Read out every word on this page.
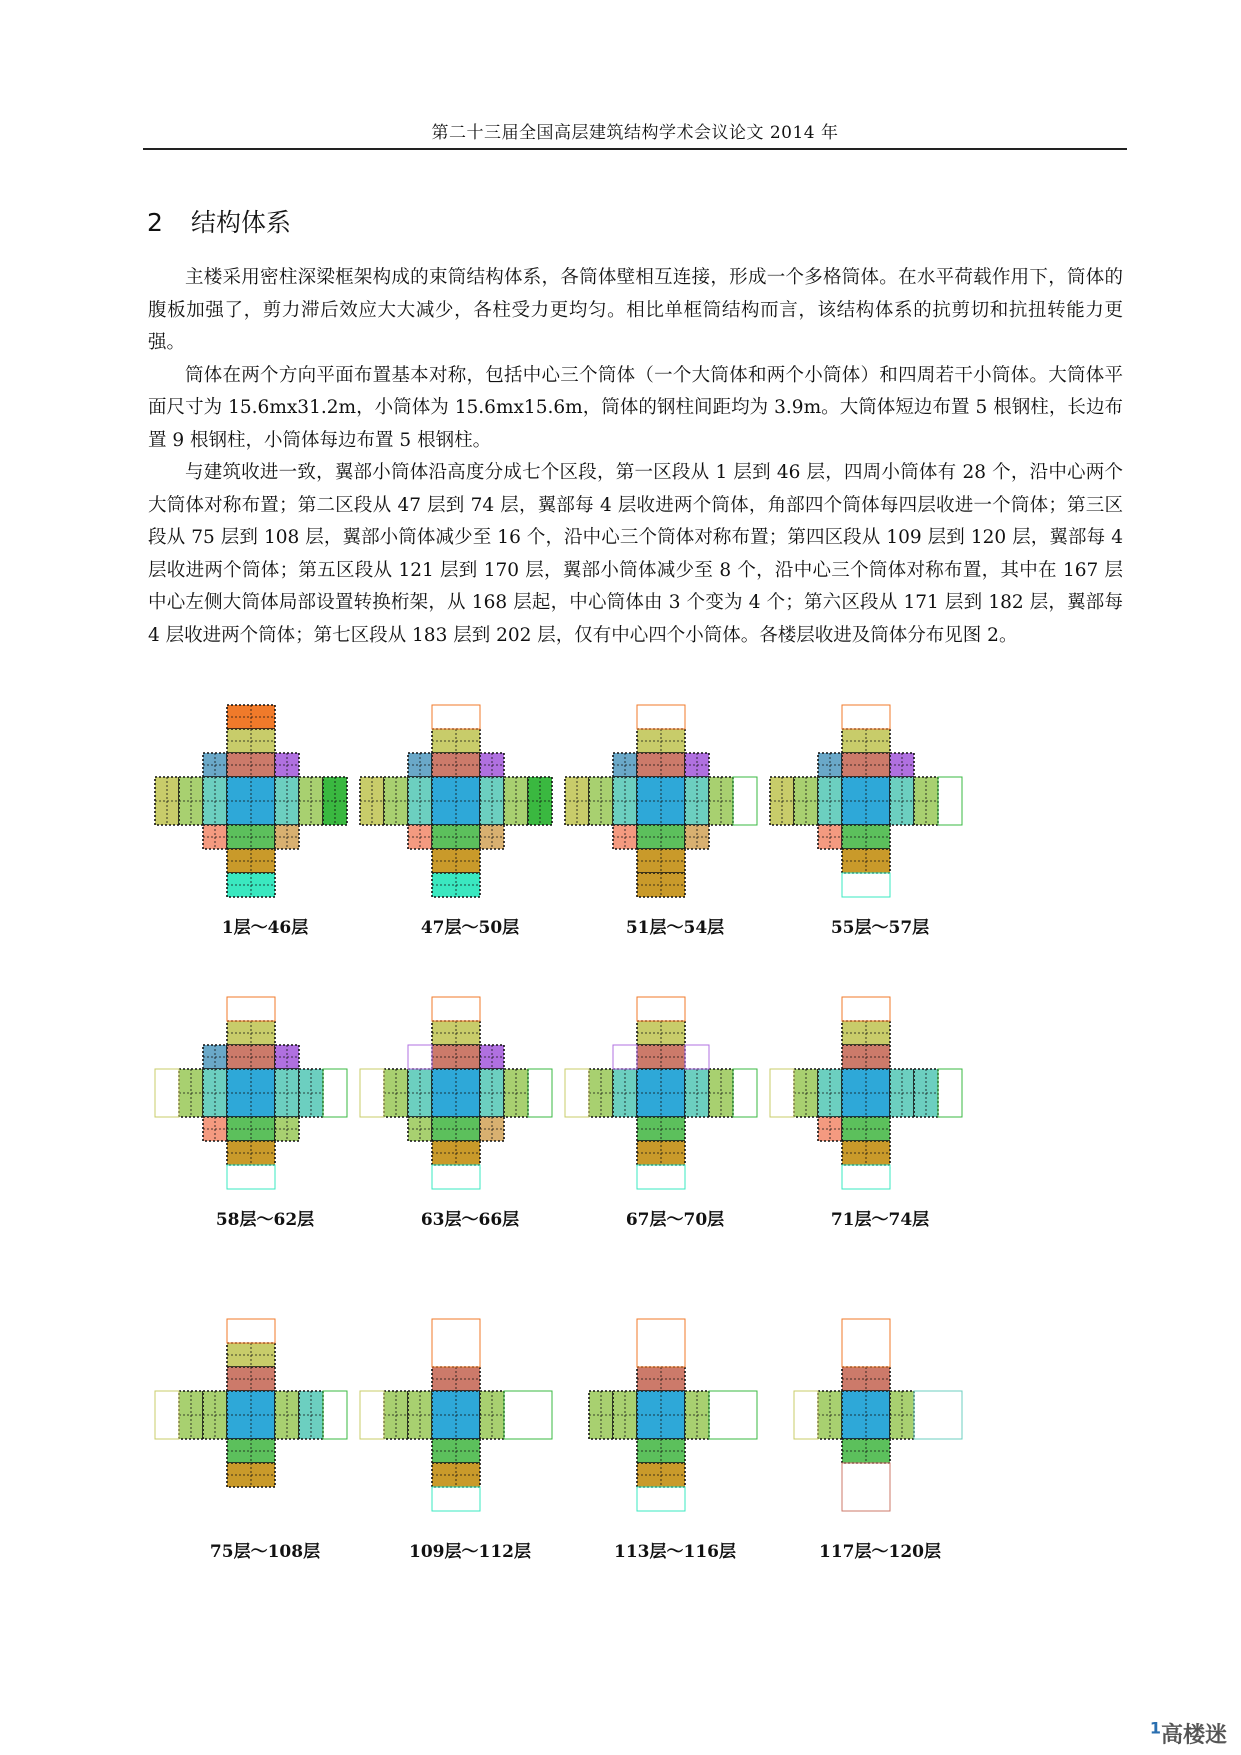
第二十三届全国高层建筑结构学术会议论文 2014 年
2 结构体系

主楼采用密柱深梁框架构成的束筒结构体系，各筒体壁相互连接，形成一个多格筒体。在水平荷载作用下，筒体的腹板加强了，剪力滞后效应大大减少，各柱受力更均匀。相比单框筒结构而言，该结构体系的抗剪切和抗扭转能力更强。

筒体在两个方向平面布置基本对称，包括中心三个筒体（一个大筒体和两个小筒体）和四周若干小筒体。大筒体平面尺寸为 15.6mx31.2m，小筒体为 15.6mx15.6m，筒体的钢柱间距均为 3.9m。大筒体短边布置 5 根钢柱，长边布置 9 根钢柱，小筒体每边布置 5 根钢柱。

与建筑收进一致，翼部小筒体沿高度分成七个区段，第一区段从 1 层到 46 层，四周小筒体有 28 个，沿中心两个大筒体对称布置；第二区段从 47 层到 74 层，翼部每 4 层收进两个筒体，角部四个筒体每四层收进一个筒体；第三区段从 75 层到 108 层，翼部小筒体减少至 16 个，沿中心三个筒体对称布置；第四区段从 109 层到 120 层，翼部每 4 层收进两个筒体；第五区段从 121 层到 170 层，翼部小筒体减少至 8 个，沿中心三个筒体对称布置，其中在 167 层中心左侧大筒体局部设置转换桁架，从 168 层起，中心筒体由 3 个变为 4 个；第六区段从 171 层到 182 层，翼部每 4 层收进两个筒体；第七区段从 183 层到 202 层，仅有中心四个小筒体。各楼层收进及筒体分布见图 2。

1层～46层	47层～50层	51层～54层	55层～57层
58层～62层	63层～66层	67层～70层	71层～74层
75层～108层	109层～112层	113层～116层	117层～120层
$^1$高楼迷
